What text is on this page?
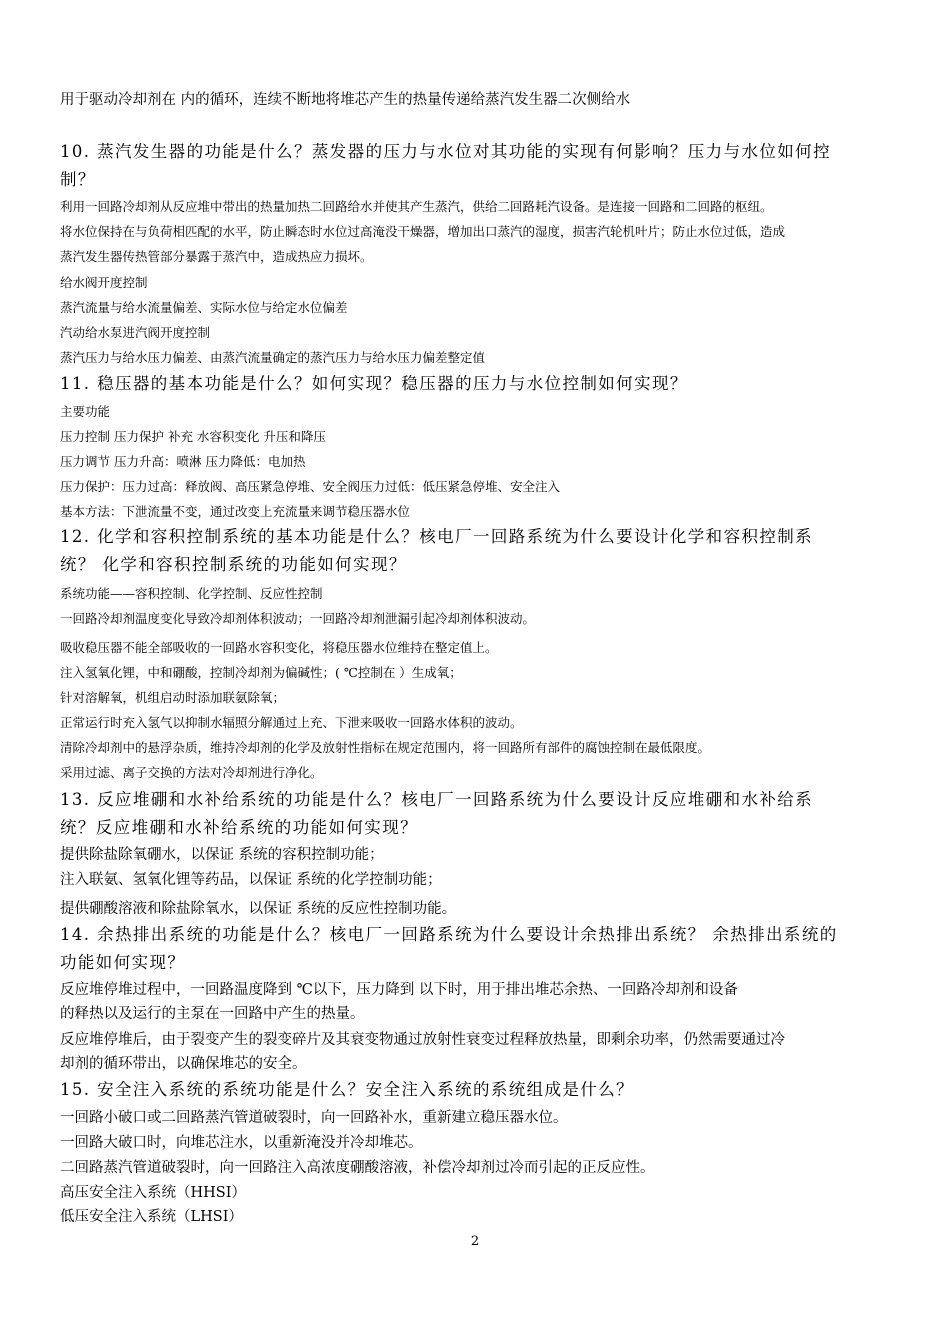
用于驱动冷却剂在 内的循环，连续不断地将堆芯产生的热量传递给蒸汽发生器二次侧给水
10. 蒸汽发生器的功能是什么？蒸发器的压力与水位对其功能的实现有何影响？压力与水位如何控
制？
利用一回路冷却剂从反应堆中带出的热量加热二回路给水并使其产生蒸汽，供给二回路耗汽设备。是连接一回路和二回路的枢纽。
将水位保持在与负荷相匹配的水平，防止瞬态时水位过高淹没干燥器，增加出口蒸汽的湿度，损害汽轮机叶片；防止水位过低，造成
蒸汽发生器传热管部分暴露于蒸汽中，造成热应力损坏。
给水阀开度控制
蒸汽流量与给水流量偏差、实际水位与给定水位偏差
汽动给水泵进汽阀开度控制
蒸汽压力与给水压力偏差、由蒸汽流量确定的蒸汽压力与给水压力偏差整定值
11. 稳压器的基本功能是什么？如何实现？稳压器的压力与水位控制如何实现？
主要功能
压力控制 压力保护 补充 水容积变化 升压和降压
压力调节 压力升高：喷淋 压力降低：电加热
压力保护：压力过高：释放阀、高压紧急停堆、安全阀压力过低：低压紧急停堆、安全注入
基本方法：下泄流量不变，通过改变上充流量来调节稳压器水位
12. 化学和容积控制系统的基本功能是什么？核电厂一回路系统为什么要设计化学和容积控制系
统？ 化学和容积控制系统的功能如何实现？
系统功能——容积控制、化学控制、反应性控制
一回路冷却剂温度变化导致冷却剂体积波动；一回路冷却剂泄漏引起冷却剂体积波动。
吸收稳压器不能全部吸收的一回路水容积变化，将稳压器水位维持在整定值上。
注入氢氧化锂，中和硼酸，控制冷却剂为偏碱性；( ℃控制在 ）生成氧；
针对溶解氧，机组启动时添加联氨除氧；
正常运行时充入氢气以抑制水辐照分解通过上充、下泄来吸收一回路水体积的波动。
清除冷却剂中的悬浮杂质，维持冷却剂的化学及放射性指标在规定范围内，将一回路所有部件的腐蚀控制在最低限度。
采用过滤、离子交换的方法对冷却剂进行净化。
13. 反应堆硼和水补给系统的功能是什么？核电厂一回路系统为什么要设计反应堆硼和水补给系
统？反应堆硼和水补给系统的功能如何实现？
提供除盐除氧硼水，以保证 系统的容积控制功能；
注入联氨、氢氧化锂等药品，以保证 系统的化学控制功能；
提供硼酸溶液和除盐除氧水，以保证 系统的反应性控制功能。
14. 余热排出系统的功能是什么？核电厂一回路系统为什么要设计余热排出系统？ 余热排出系统的
功能如何实现？
反应堆停堆过程中，一回路温度降到 ℃以下，压力降到 以下时，用于排出堆芯余热、一回路冷却剂和设备
的释热以及运行的主泵在一回路中产生的热量。
反应堆停堆后，由于裂变产生的裂变碎片及其衰变物通过放射性衰变过程释放热量，即剩余功率，仍然需要通过冷
却剂的循环带出，以确保堆芯的安全。
15. 安全注入系统的系统功能是什么？安全注入系统的系统组成是什么？
一回路小破口或二回路蒸汽管道破裂时，向一回路补水，重新建立稳压器水位。
一回路大破口时，向堆芯注水，以重新淹没并冷却堆芯。
二回路蒸汽管道破裂时，向一回路注入高浓度硼酸溶液，补偿冷却剂过冷而引起的正反应性。
高压安全注入系统（HHSI）
低压安全注入系统（LHSI）
2
